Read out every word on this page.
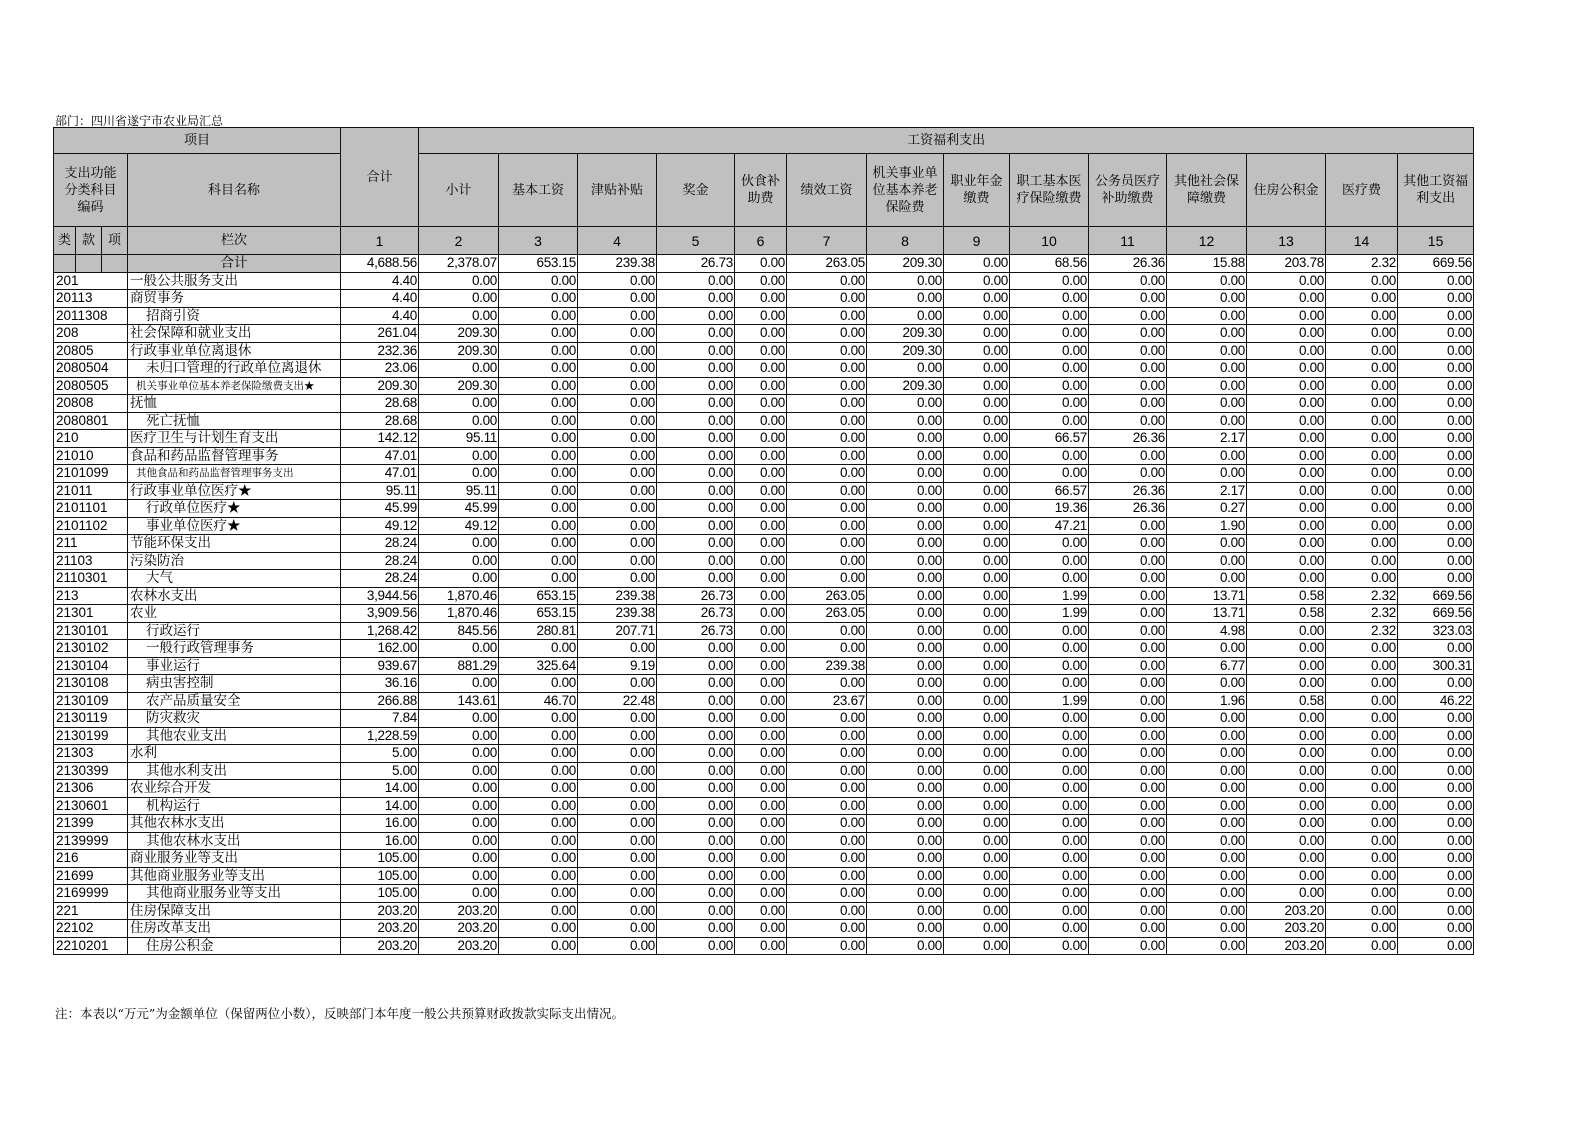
部门：四川省遂宁市农业局汇总
项目				合计	工资福利支出													
支出功能分类科目编码			科目名称		小计	基本工资	津贴补贴	奖金	伙食补助费	绩效工资	机关事业单位基本养老保险费	职业年金缴费	职工基本医疗保险缴费	公务员医疗补助缴费	其他社会保障缴费	住房公积金	医疗费	其他工资福利支出
类	款	项	栏次	1	2	3	4	5	6	7	8	9	10	11	12	13	14	15
			合计	4,688.56	2,378.07	653.15	239.38	26.73	0.00	263.05	209.30	0.00	68.56	26.36	15.88	203.78	2.32	669.56
201			一般公共服务支出	4.40	0.00	0.00	0.00	0.00	0.00	0.00	0.00	0.00	0.00	0.00	0.00	0.00	0.00	0.00
20113			商贸事务	4.40	0.00	0.00	0.00	0.00	0.00	0.00	0.00	0.00	0.00	0.00	0.00	0.00	0.00	0.00
2011308			招商引资	4.40	0.00	0.00	0.00	0.00	0.00	0.00	0.00	0.00	0.00	0.00	0.00	0.00	0.00	0.00
208			社会保障和就业支出	261.04	209.30	0.00	0.00	0.00	0.00	0.00	209.30	0.00	0.00	0.00	0.00	0.00	0.00	0.00
20805			行政事业单位离退休	232.36	209.30	0.00	0.00	0.00	0.00	0.00	209.30	0.00	0.00	0.00	0.00	0.00	0.00	0.00
2080504			未归口管理的行政单位离退休	23.06	0.00	0.00	0.00	0.00	0.00	0.00	0.00	0.00	0.00	0.00	0.00	0.00	0.00	0.00
2080505			机关事业单位基本养老保险缴费支出★	209.30	209.30	0.00	0.00	0.00	0.00	0.00	209.30	0.00	0.00	0.00	0.00	0.00	0.00	0.00
20808			抚恤	28.68	0.00	0.00	0.00	0.00	0.00	0.00	0.00	0.00	0.00	0.00	0.00	0.00	0.00	0.00
2080801			死亡抚恤	28.68	0.00	0.00	0.00	0.00	0.00	0.00	0.00	0.00	0.00	0.00	0.00	0.00	0.00	0.00
210			医疗卫生与计划生育支出	142.12	95.11	0.00	0.00	0.00	0.00	0.00	0.00	0.00	66.57	26.36	2.17	0.00	0.00	0.00
21010			食品和药品监督管理事务	47.01	0.00	0.00	0.00	0.00	0.00	0.00	0.00	0.00	0.00	0.00	0.00	0.00	0.00	0.00
2101099			其他食品和药品监督管理事务支出	47.01	0.00	0.00	0.00	0.00	0.00	0.00	0.00	0.00	0.00	0.00	0.00	0.00	0.00	0.00
21011			行政事业单位医疗★	95.11	95.11	0.00	0.00	0.00	0.00	0.00	0.00	0.00	66.57	26.36	2.17	0.00	0.00	0.00
2101101			行政单位医疗★	45.99	45.99	0.00	0.00	0.00	0.00	0.00	0.00	0.00	19.36	26.36	0.27	0.00	0.00	0.00
2101102			事业单位医疗★	49.12	49.12	0.00	0.00	0.00	0.00	0.00	0.00	0.00	47.21	0.00	1.90	0.00	0.00	0.00
211			节能环保支出	28.24	0.00	0.00	0.00	0.00	0.00	0.00	0.00	0.00	0.00	0.00	0.00	0.00	0.00	0.00
21103			污染防治	28.24	0.00	0.00	0.00	0.00	0.00	0.00	0.00	0.00	0.00	0.00	0.00	0.00	0.00	0.00
2110301			大气	28.24	0.00	0.00	0.00	0.00	0.00	0.00	0.00	0.00	0.00	0.00	0.00	0.00	0.00	0.00
213			农林水支出	3,944.56	1,870.46	653.15	239.38	26.73	0.00	263.05	0.00	0.00	1.99	0.00	13.71	0.58	2.32	669.56
21301			农业	3,909.56	1,870.46	653.15	239.38	26.73	0.00	263.05	0.00	0.00	1.99	0.00	13.71	0.58	2.32	669.56
2130101			行政运行	1,268.42	845.56	280.81	207.71	26.73	0.00	0.00	0.00	0.00	0.00	0.00	4.98	0.00	2.32	323.03
2130102			一般行政管理事务	162.00	0.00	0.00	0.00	0.00	0.00	0.00	0.00	0.00	0.00	0.00	0.00	0.00	0.00	0.00
2130104			事业运行	939.67	881.29	325.64	9.19	0.00	0.00	239.38	0.00	0.00	0.00	0.00	6.77	0.00	0.00	300.31
2130108			病虫害控制	36.16	0.00	0.00	0.00	0.00	0.00	0.00	0.00	0.00	0.00	0.00	0.00	0.00	0.00	0.00
2130109			农产品质量安全	266.88	143.61	46.70	22.48	0.00	0.00	23.67	0.00	0.00	1.99	0.00	1.96	0.58	0.00	46.22
2130119			防灾救灾	7.84	0.00	0.00	0.00	0.00	0.00	0.00	0.00	0.00	0.00	0.00	0.00	0.00	0.00	0.00
2130199			其他农业支出	1,228.59	0.00	0.00	0.00	0.00	0.00	0.00	0.00	0.00	0.00	0.00	0.00	0.00	0.00	0.00
21303			水利	5.00	0.00	0.00	0.00	0.00	0.00	0.00	0.00	0.00	0.00	0.00	0.00	0.00	0.00	0.00
2130399			其他水利支出	5.00	0.00	0.00	0.00	0.00	0.00	0.00	0.00	0.00	0.00	0.00	0.00	0.00	0.00	0.00
21306			农业综合开发	14.00	0.00	0.00	0.00	0.00	0.00	0.00	0.00	0.00	0.00	0.00	0.00	0.00	0.00	0.00
2130601			机构运行	14.00	0.00	0.00	0.00	0.00	0.00	0.00	0.00	0.00	0.00	0.00	0.00	0.00	0.00	0.00
21399			其他农林水支出	16.00	0.00	0.00	0.00	0.00	0.00	0.00	0.00	0.00	0.00	0.00	0.00	0.00	0.00	0.00
2139999			其他农林水支出	16.00	0.00	0.00	0.00	0.00	0.00	0.00	0.00	0.00	0.00	0.00	0.00	0.00	0.00	0.00
216			商业服务业等支出	105.00	0.00	0.00	0.00	0.00	0.00	0.00	0.00	0.00	0.00	0.00	0.00	0.00	0.00	0.00
21699			其他商业服务业等支出	105.00	0.00	0.00	0.00	0.00	0.00	0.00	0.00	0.00	0.00	0.00	0.00	0.00	0.00	0.00
2169999			其他商业服务业等支出	105.00	0.00	0.00	0.00	0.00	0.00	0.00	0.00	0.00	0.00	0.00	0.00	0.00	0.00	0.00
221			住房保障支出	203.20	203.20	0.00	0.00	0.00	0.00	0.00	0.00	0.00	0.00	0.00	0.00	203.20	0.00	0.00
22102			住房改革支出	203.20	203.20	0.00	0.00	0.00	0.00	0.00	0.00	0.00	0.00	0.00	0.00	203.20	0.00	0.00
2210201			住房公积金	203.20	203.20	0.00	0.00	0.00	0.00	0.00	0.00	0.00	0.00	0.00	0.00	203.20	0.00	0.00
注：本表以“万元”为金额单位（保留两位小数），反映部门本年度一般公共预算财政拨款实际支出情况。
